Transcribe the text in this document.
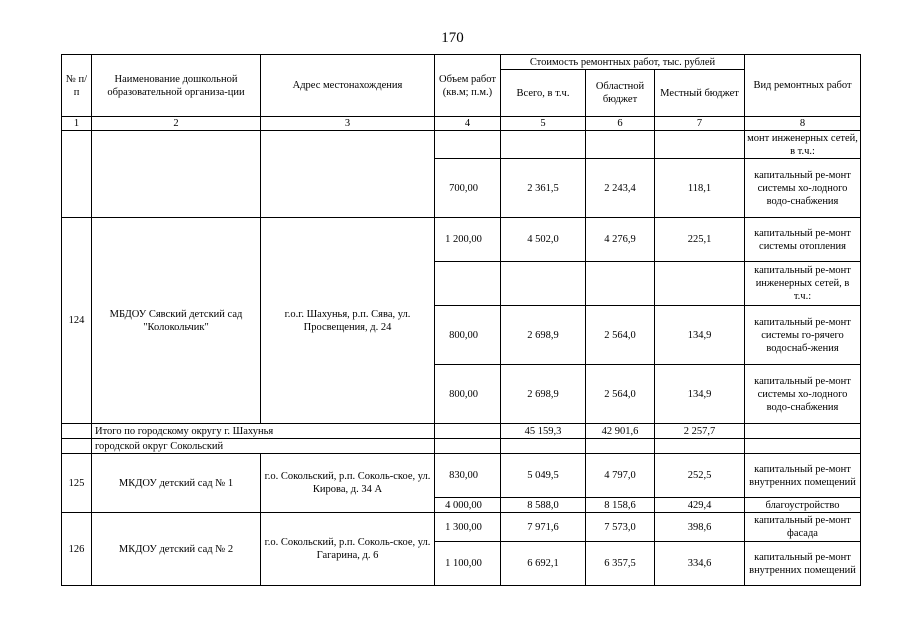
170
№ п/п	Наименование дошкольной образовательной организа-ции	Адрес местонахождения	Объем работ (кв.м; п.м.)	Стоимость ремонтных работ, тыс. рублей			Вид ремонтных работ
				Всего, в т.ч.	Областной бюджет	Местный бюджет	
1	2	3	4	5	6	7	8
							монт инженерных сетей, в т.ч.:
			700,00	2 361,5	2 243,4	118,1	капитальный ре-монт системы хо-лодного водо-снабжения
124	МБДОУ Сявский детский сад "Колокольчик"	г.о.г. Шахунья, р.п. Сява, ул. Просвещения, д. 24	1 200,00	4 502,0	4 276,9	225,1	капитальный ре-монт системы отопления
							капитальный ре-монт инженерных сетей, в т.ч.:
			800,00	2 698,9	2 564,0	134,9	капитальный ре-монт системы го-рячего водоснаб-жения
			800,00	2 698,9	2 564,0	134,9	капитальный ре-монт системы хо-лодного водо-снабжения
	Итого по городскому округу г. Шахунья			45 159,3	42 901,6	2 257,7	
	городской округ Сокольский						
125	МКДОУ детский сад № 1	г.о. Сокольский, р.п. Соколь-ское, ул. Кирова, д. 34 А	830,00	5 049,5	4 797,0	252,5	капитальный ре-монт внутренних помещений
			4 000,00	8 588,0	8 158,6	429,4	благоустройство
126	МКДОУ детский сад № 2	г.о. Сокольский, р.п. Соколь-ское, ул. Гагарина, д. 6	1 300,00	7 971,6	7 573,0	398,6	капитальный ре-монт фасада
			1 100,00	6 692,1	6 357,5	334,6	капитальный ре-монт внутренних помещений
